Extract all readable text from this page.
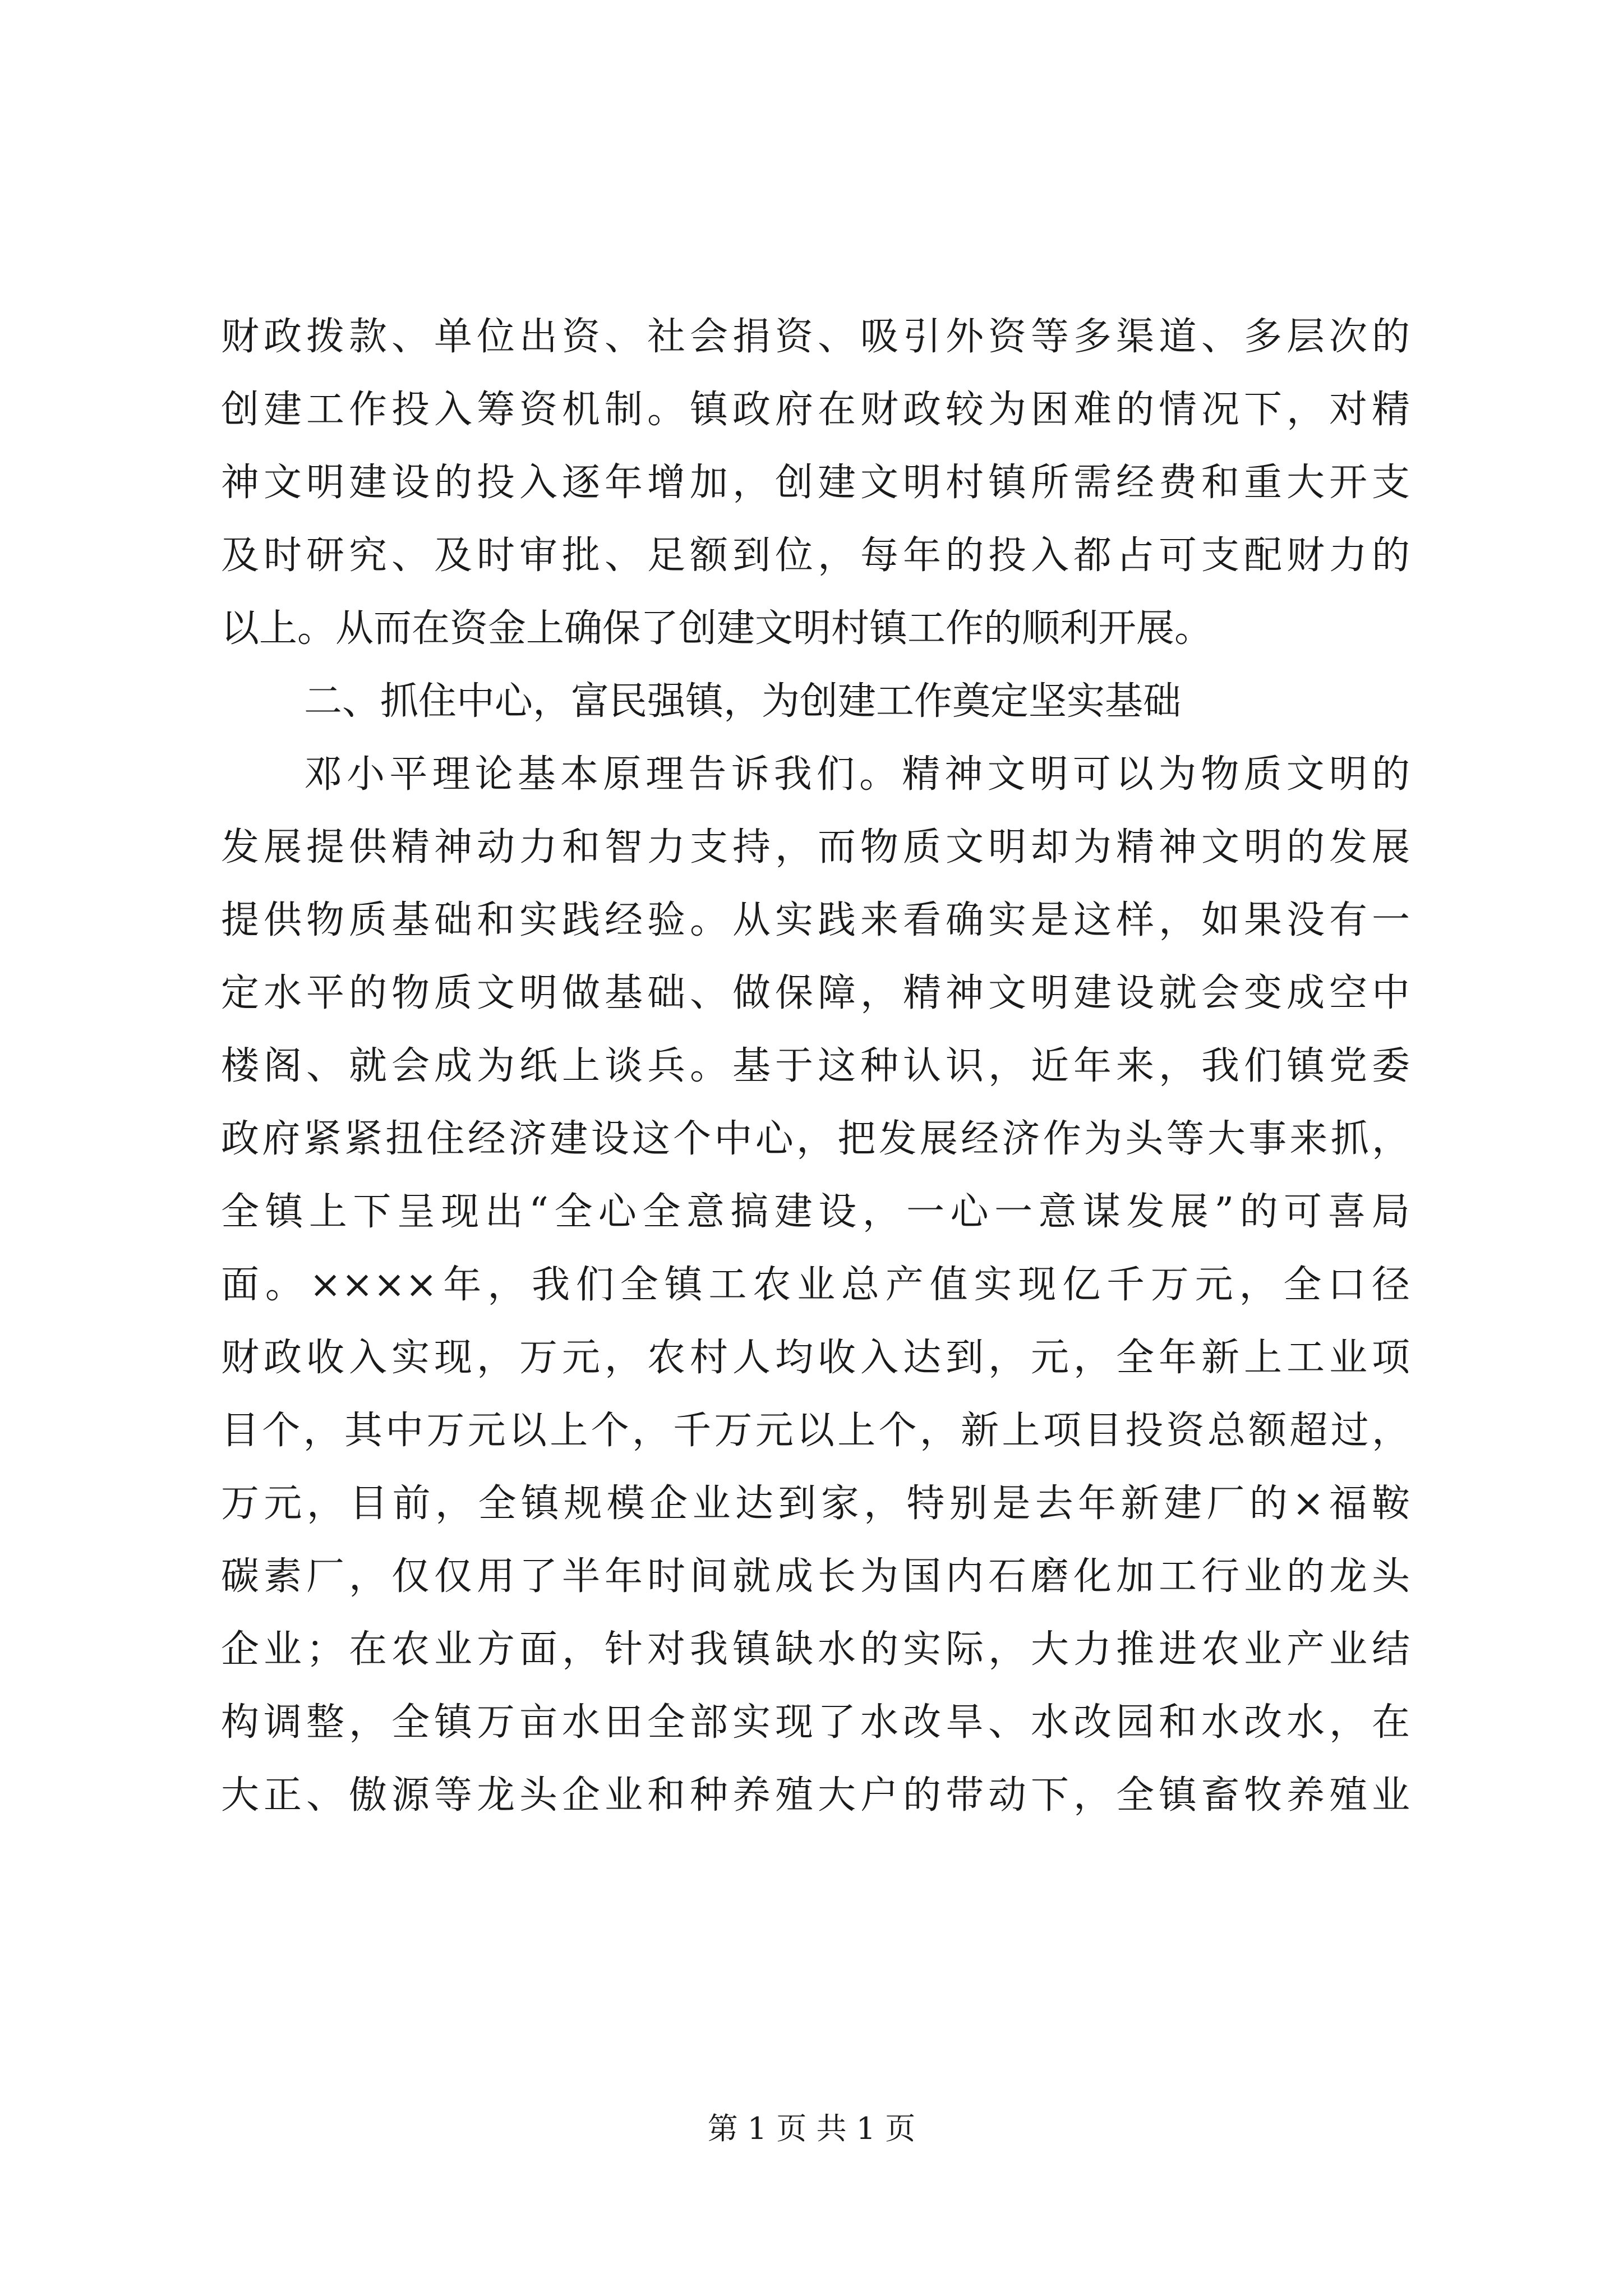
财政拨款、单位出资、社会捐资、吸引外资等多渠道、多层次的
创建工作投入筹资机制。镇政府在财政较为困难的情况下，对精
神文明建设的投入逐年增加，创建文明村镇所需经费和重大开支
及时研究、及时审批、足额到位，每年的投入都占可支配财力的
以上。从而在资金上确保了创建文明村镇工作的顺利开展。
二、抓住中心，富民强镇，为创建工作奠定坚实基础
邓小平理论基本原理告诉我们。精神文明可以为物质文明的
发展提供精神动力和智力支持，而物质文明却为精神文明的发展
提供物质基础和实践经验。从实践来看确实是这样，如果没有一
定水平的物质文明做基础、做保障，精神文明建设就会变成空中
楼阁、就会成为纸上谈兵。基于这种认识，近年来，我们镇党委
政府紧紧扭住经济建设这个中心，把发展经济作为头等大事来抓，
全镇上下呈现出“全心全意搞建设，一心一意谋发展”的可喜局
面。××××年，我们全镇工农业总产值实现亿千万元，全口径
财政收入实现，万元，农村人均收入达到，元，全年新上工业项
目个，其中万元以上个，千万元以上个，新上项目投资总额超过，
万元，目前，全镇规模企业达到家，特别是去年新建厂的×福鞍
碳素厂，仅仅用了半年时间就成长为国内石磨化加工行业的龙头
企业；在农业方面，针对我镇缺水的实际，大力推进农业产业结
构调整，全镇万亩水田全部实现了水改旱、水改园和水改水，在
大正、傲源等龙头企业和种养殖大户的带动下，全镇畜牧养殖业
第 1 页 共 1 页
